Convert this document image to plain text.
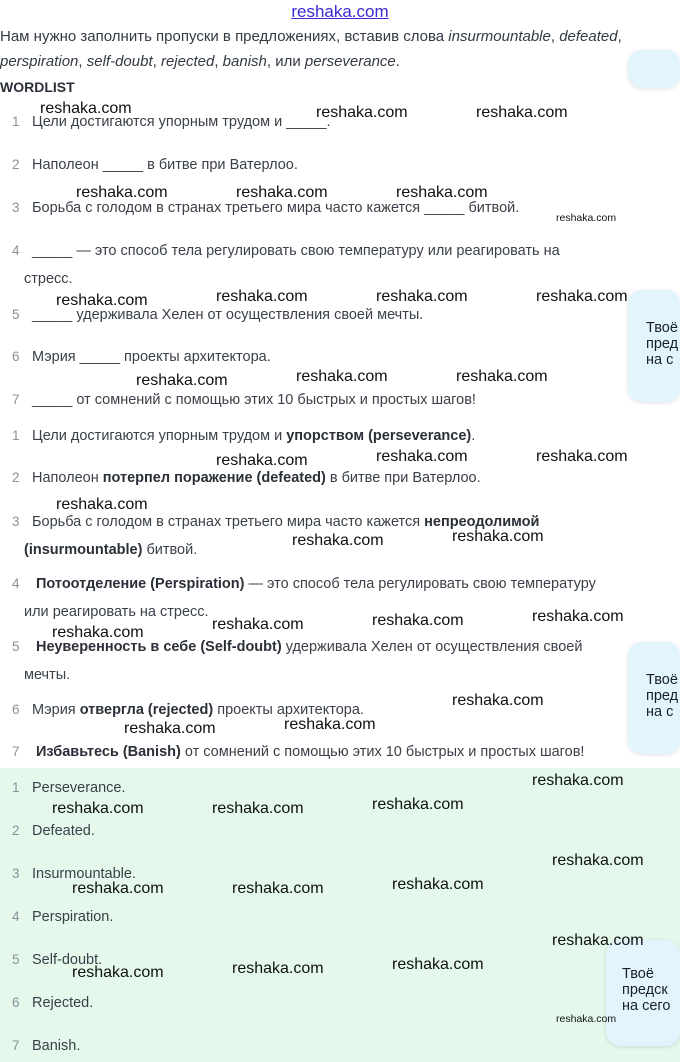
reshaka.com
Нам нужно заполнить пропуски в предложениях, вставив слова insurmountable, defeated, perspiration, self-doubt, rejected, banish, или perseverance.
WORDLIST
1 Цели достигаются упорным трудом и _____.
2 Наполеон _____ в битве при Ватерлоо.
3 Борьба с голодом в странах третьего мира часто кажется _____ битвой.
4 _____ — это способ тела регулировать свою температуру или реагировать на
стресс.
5 _____ удерживала Хелен от осуществления своей мечты.
6 Мэрия _____ проекты архитектора.
7 _____ от сомнений с помощью этих 10 быстрых и простых шагов!
1 Цели достигаются упорным трудом и упорством (perseverance).
2 Наполеон потерпел поражение (defeated) в битве при Ватерлоо.
3 Борьба с голодом в странах третьего мира часто кажется непреодолимой
(insurmountable) битвой.
4	Потоотделение (Perspiration) — это способ тела регулировать свою температуру
или реагировать на стресс.
5	Неуверенность в себе (Self-doubt) удерживала Хелен от осуществления своей
мечты.
6 Мэрия отвергла (rejected) проекты архитектора.
7	Избавьтесь (Banish) от сомнений с помощью этих 10 быстрых и простых шагов!
1 Perseverance.
2 Defeated.
3 Insurmountable.
4 Perspiration.
5 Self-doubt.
6 Rejected.
7 Banish.
Твоё
пред
на с
Твоё
пред
на с
Твоё
предск
на сего
reshaka.com	reshaka.com	reshaka.com
reshaka.com	reshaka.com	reshaka.com
reshaka.com
reshaka.com	reshaka.com	reshaka.com	reshaka.com
reshaka.com	reshaka.com	reshaka.com
reshaka.com	reshaka.com	reshaka.com
reshaka.com
reshaka.com	reshaka.com
reshaka.com	reshaka.com	reshaka.com
reshaka.com
reshaka.com
reshaka.com	reshaka.com
reshaka.com
reshaka.com	reshaka.com	reshaka.com
reshaka.com
reshaka.com	reshaka.com	reshaka.com
reshaka.com
reshaka.com	reshaka.com	reshaka.com
reshaka.com
